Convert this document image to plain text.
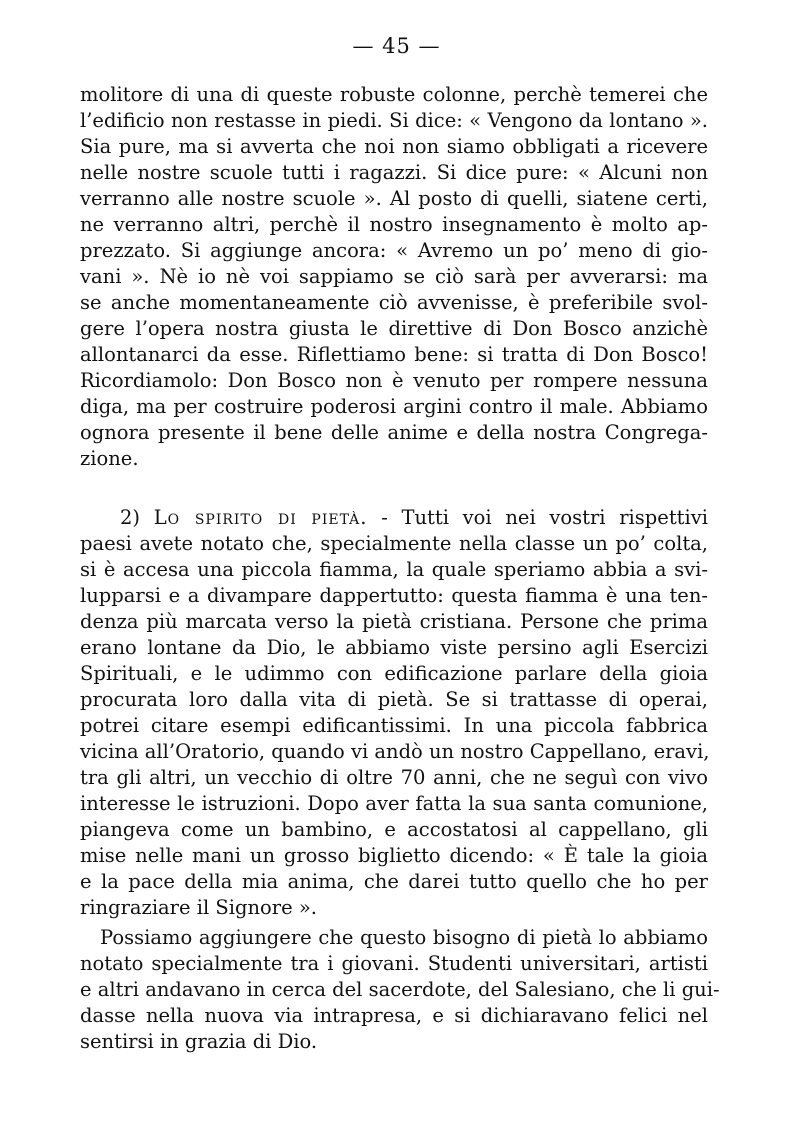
— 45 —
molitore di una di queste robuste colonne, perchè temerei che
l’edificio non restasse in piedi. Si dice: « Vengono da lontano ».
Sia pure, ma si avverta che noi non siamo obbligati a ricevere
nelle nostre scuole tutti i ragazzi. Si dice pure: « Alcuni non
verranno alle nostre scuole ». Al posto di quelli, siatene certi,
ne verranno altri, perchè il nostro insegnamento è molto ap-
prezzato. Si aggiunge ancora: « Avremo un po’ meno di gio-
vani ». Nè io nè voi sappiamo se ciò sarà per avverarsi: ma
se anche momentaneamente ciò avvenisse, è preferibile svol-
gere l’opera nostra giusta le direttive di Don Bosco anzichè
allontanarci da esse. Riflettiamo bene: si tratta di Don Bosco!
Ricordiamolo: Don Bosco non è venuto per rompere nessuna
diga, ma per costruire poderosi argini contro il male. Abbiamo
ognora presente il bene delle anime e della nostra Congrega-
zione.
2) Lo spirito di pietà. - Tutti voi nei vostri rispettivi
paesi avete notato che, specialmente nella classe un po’ colta,
si è accesa una piccola fiamma, la quale speriamo abbia a svi-
lupparsi e a divampare dappertutto: questa fiamma è una ten-
denza più marcata verso la pietà cristiana. Persone che prima
erano lontane da Dio, le abbiamo viste persino agli Esercizi
Spirituali, e le udimmo con edificazione parlare della gioia
procurata loro dalla vita di pietà. Se si trattasse di operai,
potrei citare esempi edificantissimi. In una piccola fabbrica
vicina all’Oratorio, quando vi andò un nostro Cappellano, eravi,
tra gli altri, un vecchio di oltre 70 anni, che ne seguì con vivo
interesse le istruzioni. Dopo aver fatta la sua santa comunione,
piangeva come un bambino, e accostatosi al cappellano, gli
mise nelle mani un grosso biglietto dicendo: « È tale la gioia
e la pace della mia anima, che darei tutto quello che ho per
ringraziare il Signore ».
Possiamo aggiungere che questo bisogno di pietà lo abbiamo
notato specialmente tra i giovani. Studenti universitari, artisti
e altri andavano in cerca del sacerdote, del Salesiano, che li gui-
dasse nella nuova via intrapresa, e si dichiaravano felici nel
sentirsi in grazia di Dio.
